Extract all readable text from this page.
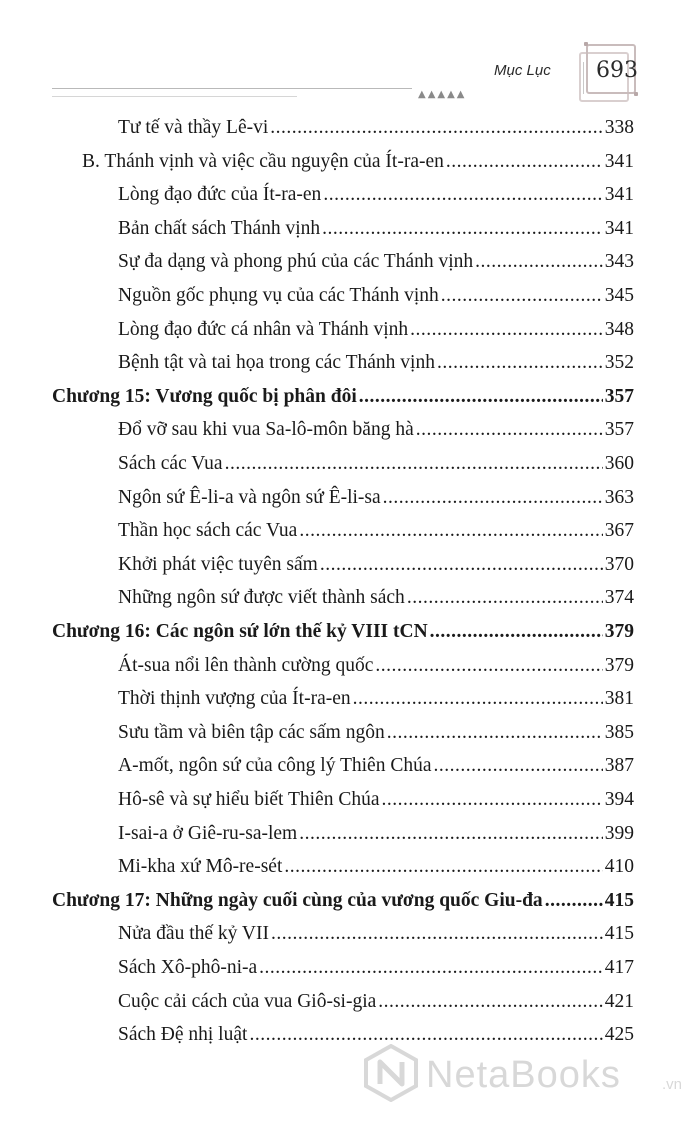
▲▲▲▲▲
Mục Lục 693
Tư tế và thầy Lê-vi .....	338
B. Thánh vịnh và việc cầu nguyện của Ít-ra-en .....	341
Lòng đạo đức của Ít-ra-en .....	341
Bản chất sách Thánh vịnh .....	341
Sự đa dạng và phong phú của các Thánh vịnh .....	343
Nguồn gốc phụng vụ của các Thánh vịnh .....	345
Lòng đạo đức cá nhân và Thánh vịnh .....	348
Bệnh tật và tai họa trong các Thánh vịnh .....	352
Chương 15: Vương quốc bị phân đôi .....	357
Đổ vỡ sau khi vua Sa-lô-môn băng hà .....	357
Sách các Vua .....	360
Ngôn sứ Ê-li-a và ngôn sứ Ê-li-sa .....	363
Thần học sách các Vua .....	367
Khởi phát việc tuyên sấm .....	370
Những ngôn sứ được viết thành sách .....	374
Chương 16: Các ngôn sứ lớn thế kỷ VIII tCN .....	379
Át-sua nổi lên thành cường quốc .....	379
Thời thịnh vượng của Ít-ra-en .....	381
Sưu tầm và biên tập các sấm ngôn .....	385
A-mốt, ngôn sứ của công lý Thiên Chúa .....	387
Hô-sê và sự hiểu biết Thiên Chúa .....	394
I-sai-a ở Giê-ru-sa-lem .....	399
Mi-kha xứ Mô-re-sét .....	410
Chương 17: Những ngày cuối cùng của vương quốc Giu-đa .....	415
Nửa đầu thế kỷ VII .....	415
Sách Xô-phô-ni-a .....	417
Cuộc cải cách của vua Giô-si-gia .....	421
Sách Đệ nhị luật .....	425
NetaBooks	.vn
